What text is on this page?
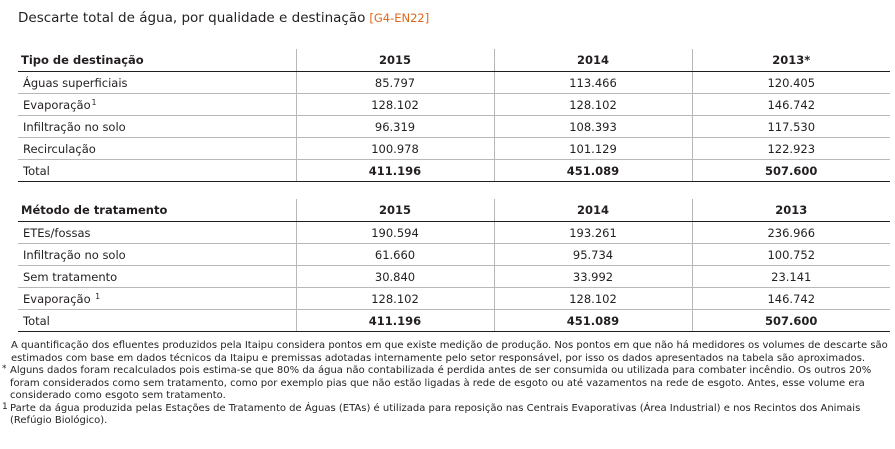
Descarte total de água, por qualidade e destinação [G4-EN22]
Tipo de destinação	2015	2014	2013*
Águas superficiais	85.797	113.466	120.405
Evaporação$^1$	128.102	128.102	146.742
Infiltração no solo	96.319	108.393	117.530
Recirculação	100.978	101.129	122.923
Total	411.196	451.089	507.600
Método de tratamento	2015	2014	2013
ETEs/fossas	190.594	193.261	236.966
Infiltração no solo	61.660	95.734	100.752
Sem tratamento	30.840	33.992	23.141
Evaporação $^1$	128.102	128.102	146.742
Total	411.196	451.089	507.600
A quantificação dos efluentes produzidos pela Itaipu considera pontos em que existe medição de produção. Nos pontos em que não há medidores os volumes de descarte são estimados com base em dados técnicos da Itaipu e premissas adotadas internamente pelo setor responsável, por isso os dados apresentados na tabela são aproximados.
* Alguns dados foram recalculados pois estima-se que 80% da água não contabilizada é perdida antes de ser consumida ou utilizada para combater incêndio. Os outros 20% foram considerados como sem tratamento, como por exemplo pias que não estão ligadas à rede de esgoto ou até vazamentos na rede de esgoto. Antes, esse volume era considerado como esgoto sem tratamento.
1 Parte da água produzida pelas Estações de Tratamento de Águas (ETAs) é utilizada para reposição nas Centrais Evaporativas (Área Industrial) e nos Recintos dos Animais (Refúgio Biológico).
